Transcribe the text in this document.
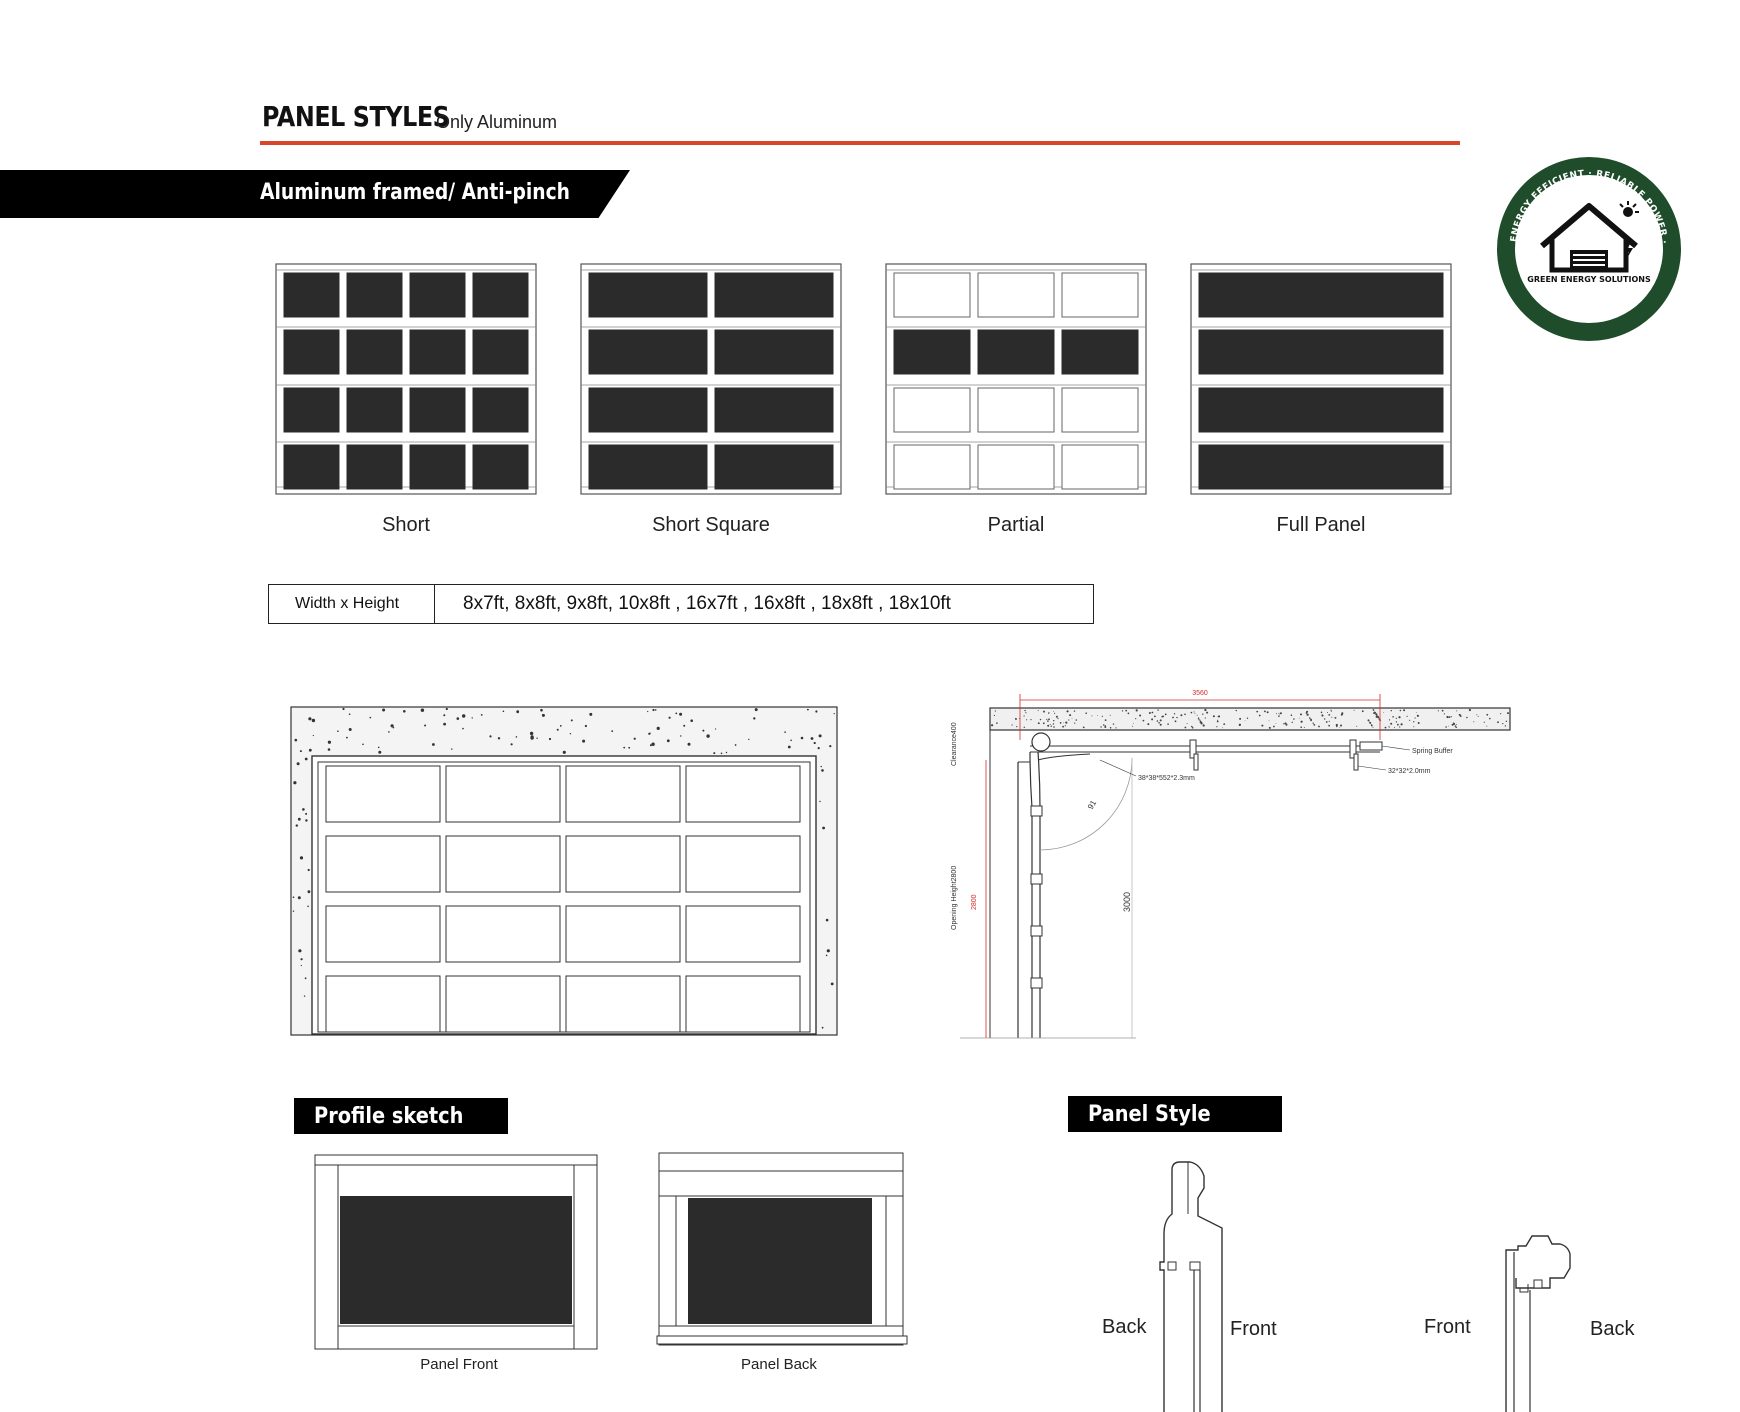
PANEL STYLES
Only Aluminum
Aluminum framed/ Anti-pinch
ENERGY EFFICIENT · RELIABLE POWER · GREEN & LOW-CARBON
GREEN ENERGY SOLUTIONS
Short	Short Square	Partial	Full Panel
Width x Height	8x7ft, 8x8ft, 9x8ft, 10x8ft , 16x7ft , 16x8ft , 18x8ft , 18x10ft
3560
2800
Clearance400
Opening Height2800	3000
91
38*38*552*2.3mm
Spring Buffer
32*32*2.0mm
Profile sketch
Panel Front	Panel Back
Panel Style
Back	Front	Front	Back
